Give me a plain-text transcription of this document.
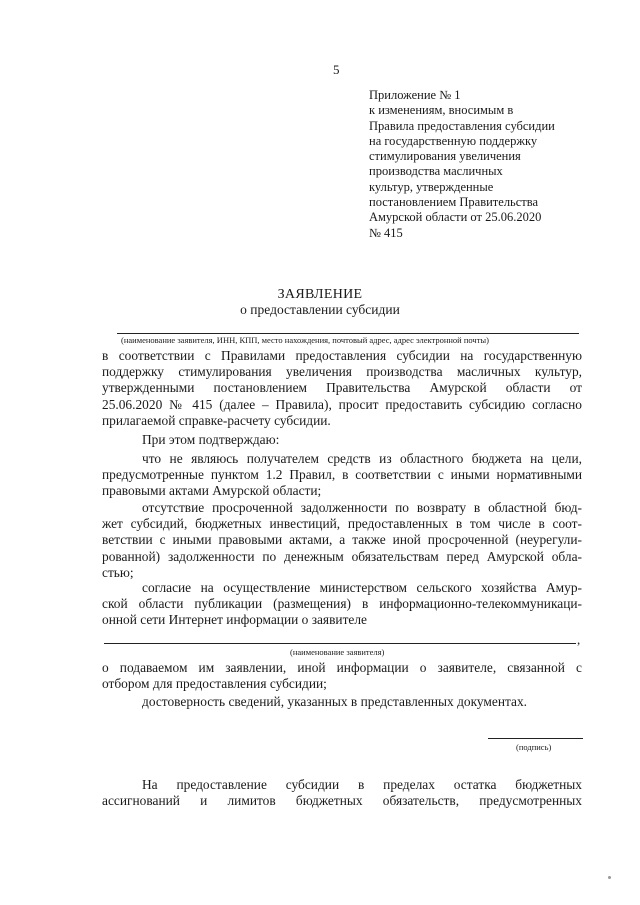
5
Приложение № 1
к изменениям, вносимым в
Правила предоставления субсидии
на государственную поддержку
стимулирования увеличения
производства масличных
культур, утвержденные
постановлением Правительства
Амурской области от 25.06.2020
№ 415
ЗАЯВЛЕНИЕ
о предоставлении субсидии
(наименование заявителя, ИНН, КПП, место нахождения, почтовый адрес, адрес электронной почты)
в соответствии с Правилами предоставления субсидии на государственную
поддержку стимулирования увеличения производства масличных культур,
утвержденными постановлением Правительства Амурской области от
25.06.2020 № 415 (далее – Правила), просит предоставить субсидию согласно
прилагаемой справке-расчету субсидии.
При этом подтверждаю:
что не являюсь получателем средств из областного бюджета на цели,
предусмотренные пунктом 1.2 Правил, в соответствии с иными нормативными
правовыми актами Амурской области;
отсутствие просроченной задолженности по возврату в областной бюд-
жет субсидий, бюджетных инвестиций, предоставленных в том числе в соот-
ветствии с иными правовыми актами, а также иной просроченной (неурегули-
рованной) задолженности по денежным обязательствам перед Амурской обла-
стью;
согласие на осуществление министерством сельского хозяйства Амур-
ской области публикации (размещения) в информационно-телекоммуникаци-
онной сети Интернет информации о заявителе
,
(наименование заявителя)
о подаваемом им заявлении, иной информации о заявителе, связанной с
отбором для предоставления субсидии;
достоверность сведений, указанных в представленных документах.
(подпись)
На предоставление субсидии в пределах остатка бюджетных
ассигнований и лимитов бюджетных обязательств, предусмотренных
